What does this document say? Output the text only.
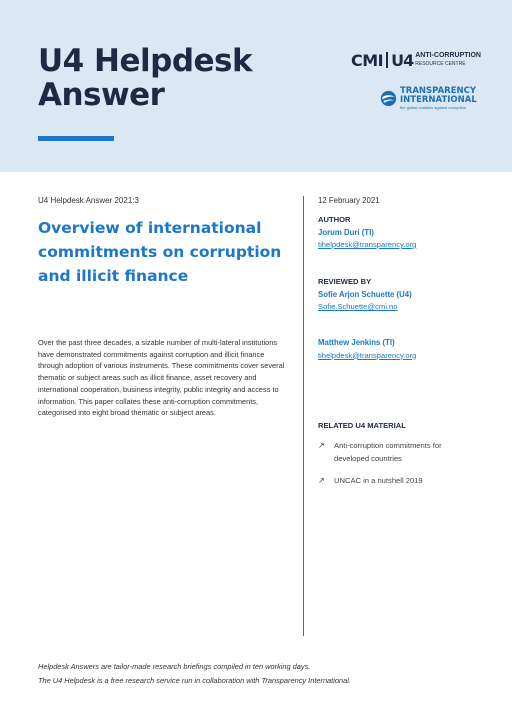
U4 Helpdesk
Answer
CMI U4 ANTI-CORRUPTION
RESOURCE CENTRE
TRANSPARENCY
INTERNATIONAL
the global coalition against corruption
U4 Helpdesk Answer 2021:3
Overview of international commitments on corruption and illicit finance
Over the past three decades, a sizable number of multi-lateral institutions have demonstrated commitments against corruption and illicit finance through adoption of various instruments. These commitments cover several thematic or subject areas such as illicit finance, asset recovery and international cooperation, business integrity, public integrity and access to information. This paper collates these anti-corruption commitments, categorised into eight broad thematic or subject areas.
12 February 2021
AUTHOR
Jorum Duri (TI)
tihelpdesk@transparency.org
REVIEWED BY
Sofie Arjon Schuette (U4)
Sofie.Schuette@cmi.no
Matthew Jenkins (TI)
tihelpdesk@transparency.org
RELATED U4 MATERIAL
↗	Anti-corruption commitments for developed countries
↗	UNCAC in a nutshell 2019
Helpdesk Answers are tailor-made research briefings compiled in ten working days.
The U4 Helpdesk is a free research service run in collaboration with Transparency International.
